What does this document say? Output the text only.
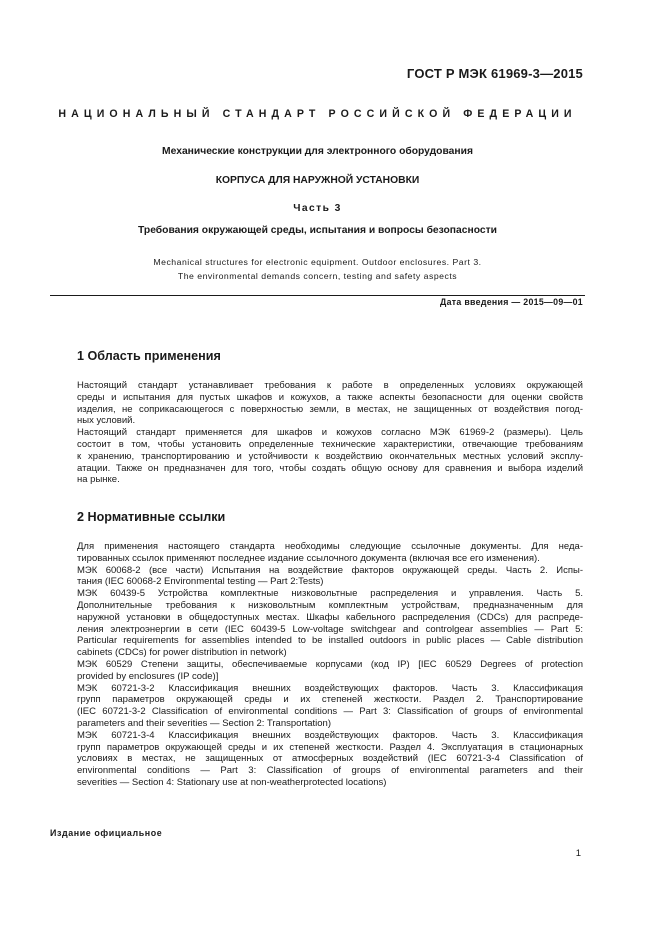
ГОСТ Р МЭК 61969-3—2015
НАЦИОНАЛЬНЫЙ СТАНДАРТ РОССИЙСКОЙ ФЕДЕРАЦИИ
Механические конструкции для электронного оборудования
КОРПУСА ДЛЯ НАРУЖНОЙ УСТАНОВКИ
Часть 3
Требования окружающей среды, испытания и вопросы безопасности
Mechanical structures for electronic equipment. Outdoor enclosures. Part 3.
The environmental demands concern, testing and safety aspects
Дата введения — 2015—09—01
1 Область применения
Настоящий стандарт устанавливает требования к работе в определенных условиях окружающей
среды и испытания для пустых шкафов и кожухов, а также аспекты безопасности для оценки свойств
изделия, не соприкасающегося с поверхностью земли, в местах, не защищенных от воздействия погод-
ных условий.
Настоящий стандарт применяется для шкафов и кожухов согласно МЭК 61969-2 (размеры). Цель
состоит в том, чтобы установить определенные технические характеристики, отвечающие требованиям
к хранению, транспортированию и устойчивости к воздействию окончательных местных условий эксплу-
атации. Также он предназначен для того, чтобы создать общую основу для сравнения и выбора изделий
на рынке.
2 Нормативные ссылки
Для применения настоящего стандарта необходимы следующие ссылочные документы. Для неда-
тированных ссылок применяют последнее издание ссылочного документа (включая все его изменения).
МЭК 60068-2 (все части) Испытания на воздействие факторов окружающей среды. Часть 2. Испы-
тания (IEC 60068-2 Environmental testing — Part 2:Tests)
МЭК 60439-5 Устройства комплектные низковольтные распределения и управления. Часть 5.
Дополнительные требования к низковольтным комплектным устройствам, предназначенным для
наружной установки в общедоступных местах. Шкафы кабельного распределения (CDCs) для распреде-
ления электроэнергии в сети (IEC 60439-5 Low-voltage switchgear and controlgear assemblies — Part 5:
Particular requirements for assemblies intended to be installed outdoors in public places — Cable distribution
cabinets (CDCs) for power distribution in network)
МЭК 60529 Степени защиты, обеспечиваемые корпусами (код IP) [IEC 60529 Degrees of protection
provided by enclosures (IP code)]
МЭК 60721-3-2 Классификация внешних воздействующих факторов. Часть 3. Классификация
групп параметров окружающей среды и их степеней жесткости. Раздел 2. Транспортирование
(IEC 60721-3-2 Classification of environmental conditions — Part 3: Classification of groups of environmental
parameters and their severities — Section 2: Transportation)
МЭК 60721-3-4 Классификация внешних воздействующих факторов. Часть 3. Классификация
групп параметров окружающей среды и их степеней жесткости. Раздел 4. Эксплуатация в стационарных
условиях в местах, не защищенных от атмосферных воздействий (IEC 60721-3-4 Classification of
environmental conditions — Part 3: Classification of groups of environmental parameters and their
severities — Section 4: Stationary use at non-weatherprotected locations)
Издание официальное
1
